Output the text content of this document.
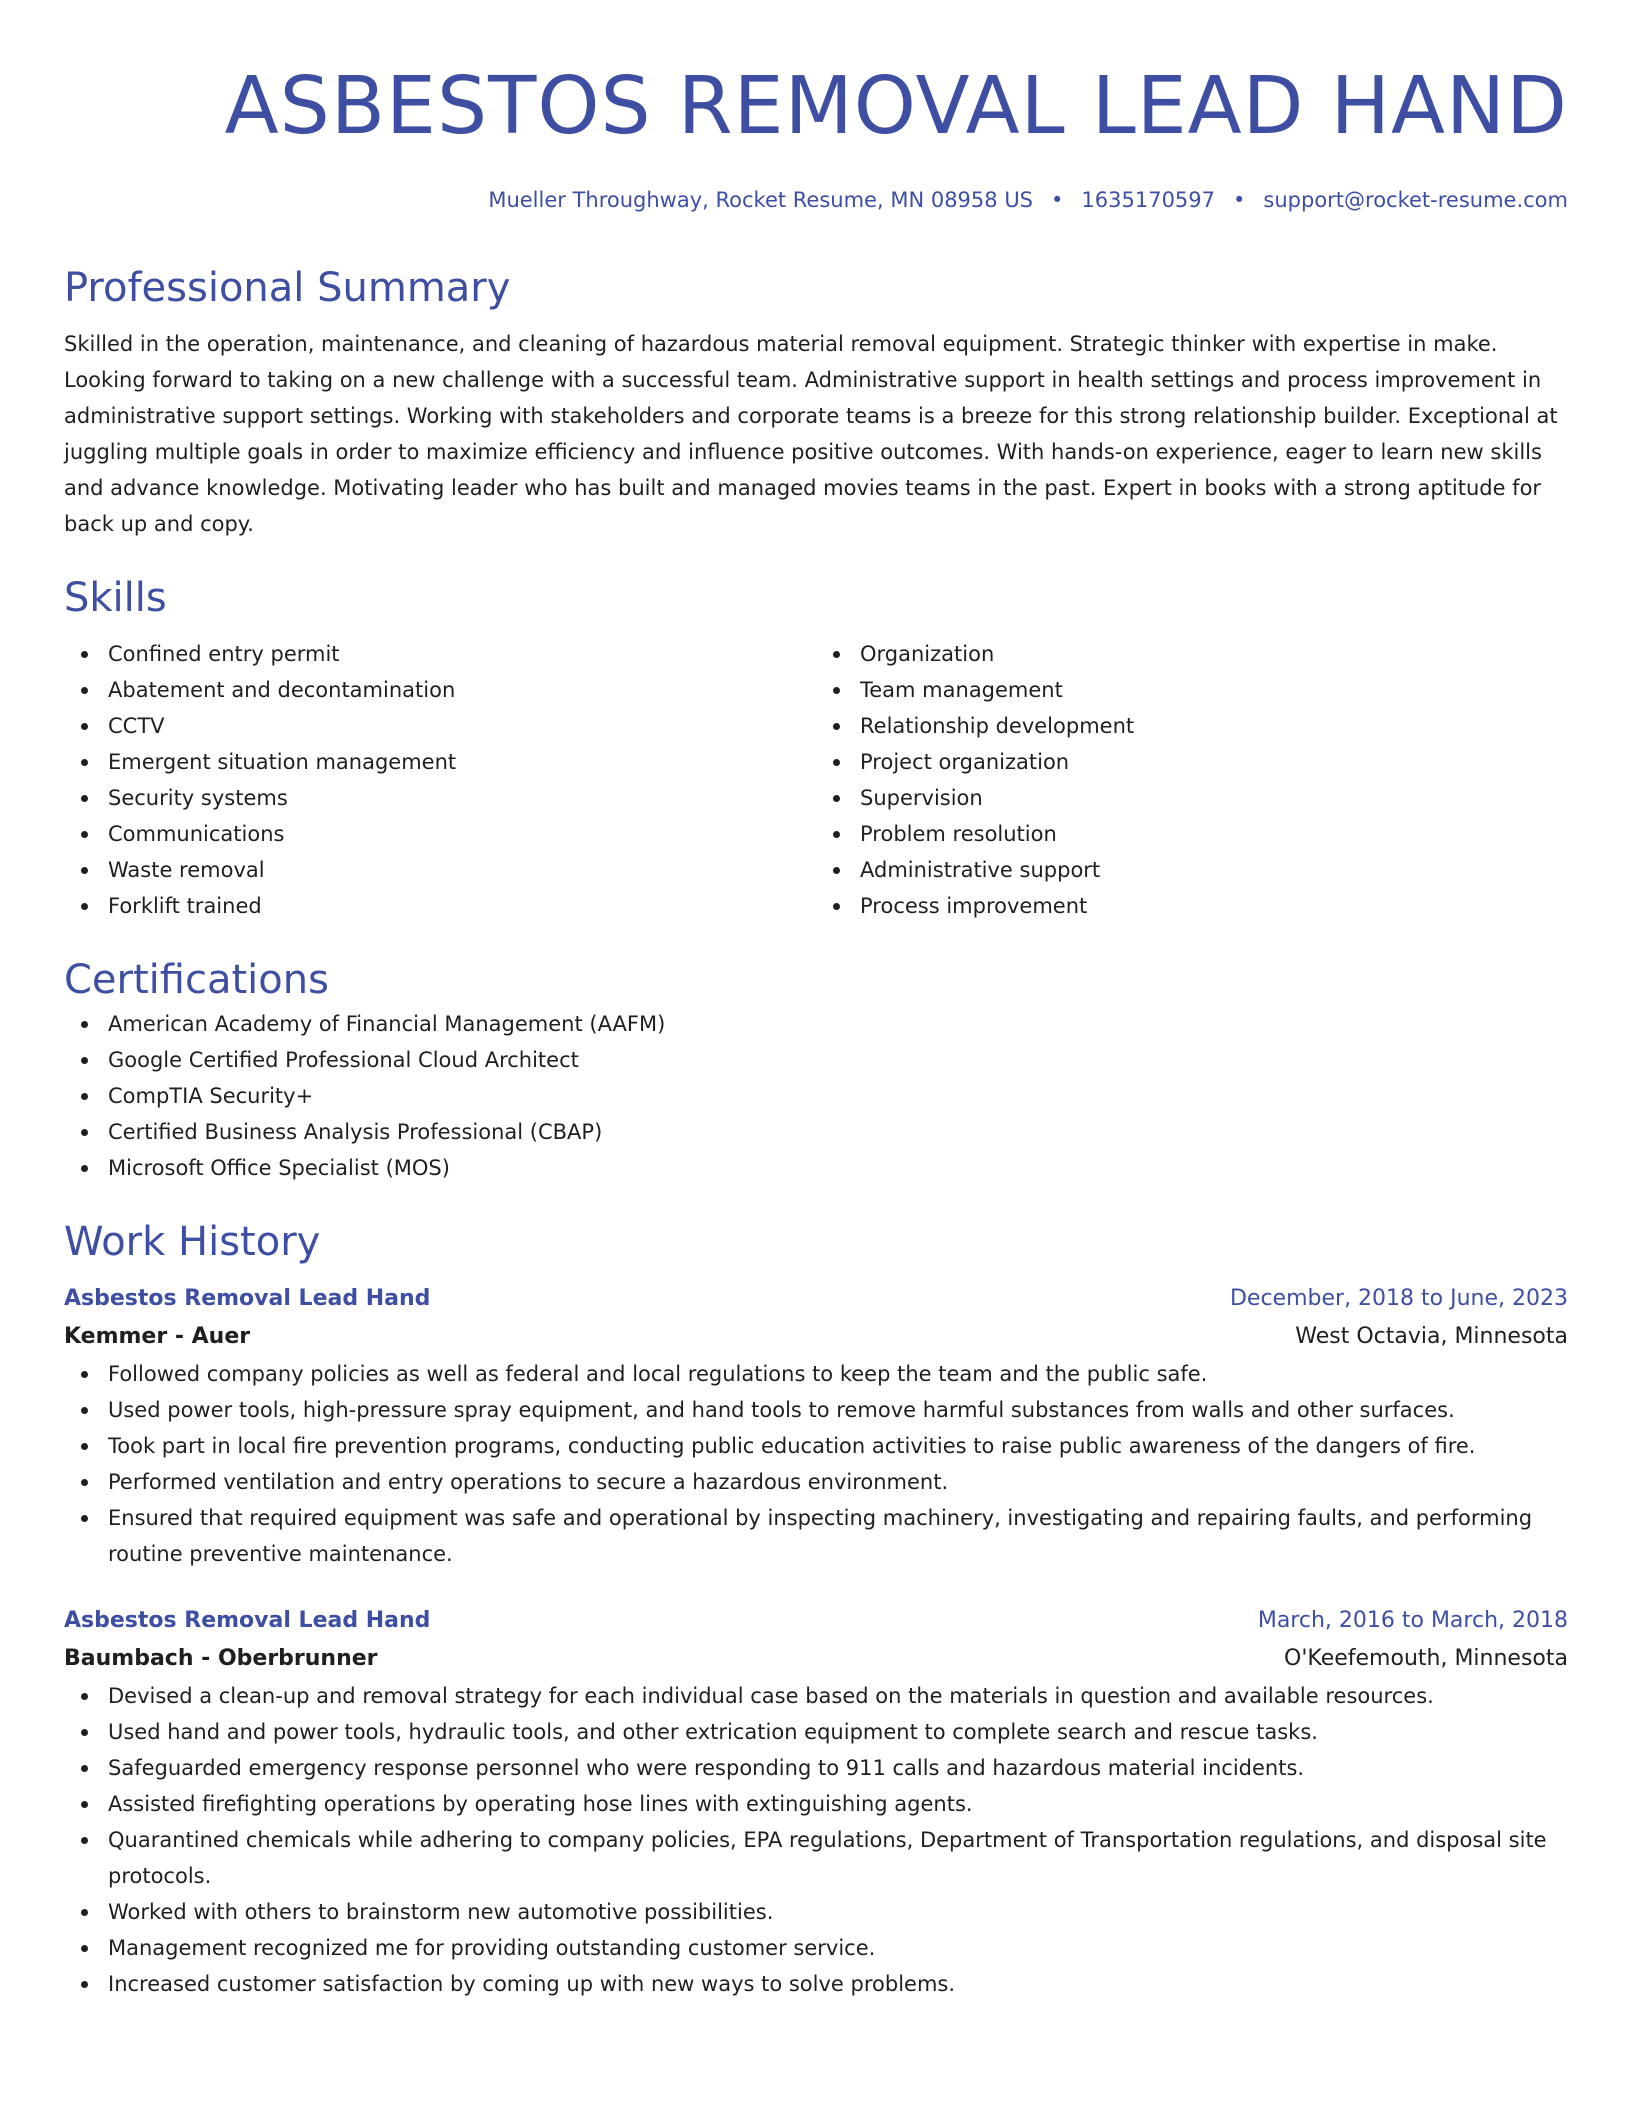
ASBESTOS REMOVAL LEAD HAND
Mueller Throughway, Rocket Resume, MN 08958 US • 1635170597 • support@rocket-resume.com
Professional Summary

Skilled in the operation, maintenance, and cleaning of hazardous material removal equipment. Strategic thinker with expertise in make. Looking forward to taking on a new challenge with a successful team. Administrative support in health settings and process improvement in administrative support settings. Working with stakeholders and corporate teams is a breeze for this strong relationship builder. Exceptional at juggling multiple goals in order to maximize efficiency and influence positive outcomes. With hands-on experience, eager to learn new skills and advance knowledge. Motivating leader who has built and managed movies teams in the past. Expert in books with a strong aptitude for back up and copy.

Skills
Confined entry permit
Abatement and decontamination
CCTV
Emergent situation management
Security systems
Communications
Waste removal
Forklift trained
Organization
Team management
Relationship development
Project organization
Supervision
Problem resolution
Administrative support
Process improvement
Certifications
American Academy of Financial Management (AAFM)
Google Certified Professional Cloud Architect
CompTIA Security+
Certified Business Analysis Professional (CBAP)
Microsoft Office Specialist (MOS)
Work History
Asbestos Removal Lead Hand	December, 2018 to June, 2023
Kemmer - Auer	West Octavia, Minnesota
Followed company policies as well as federal and local regulations to keep the team and the public safe.
Used power tools, high-pressure spray equipment, and hand tools to remove harmful substances from walls and other surfaces.
Took part in local fire prevention programs, conducting public education activities to raise public awareness of the dangers of fire.
Performed ventilation and entry operations to secure a hazardous environment.
Ensured that required equipment was safe and operational by inspecting machinery, investigating and repairing faults, and performing routine preventive maintenance.
Asbestos Removal Lead Hand	March, 2016 to March, 2018
Baumbach - Oberbrunner	O'Keefemouth, Minnesota
Devised a clean-up and removal strategy for each individual case based on the materials in question and available resources.
Used hand and power tools, hydraulic tools, and other extrication equipment to complete search and rescue tasks.
Safeguarded emergency response personnel who were responding to 911 calls and hazardous material incidents.
Assisted firefighting operations by operating hose lines with extinguishing agents.
Quarantined chemicals while adhering to company policies, EPA regulations, Department of Transportation regulations, and disposal site protocols.
Worked with others to brainstorm new automotive possibilities.
Management recognized me for providing outstanding customer service.
Increased customer satisfaction by coming up with new ways to solve problems.
